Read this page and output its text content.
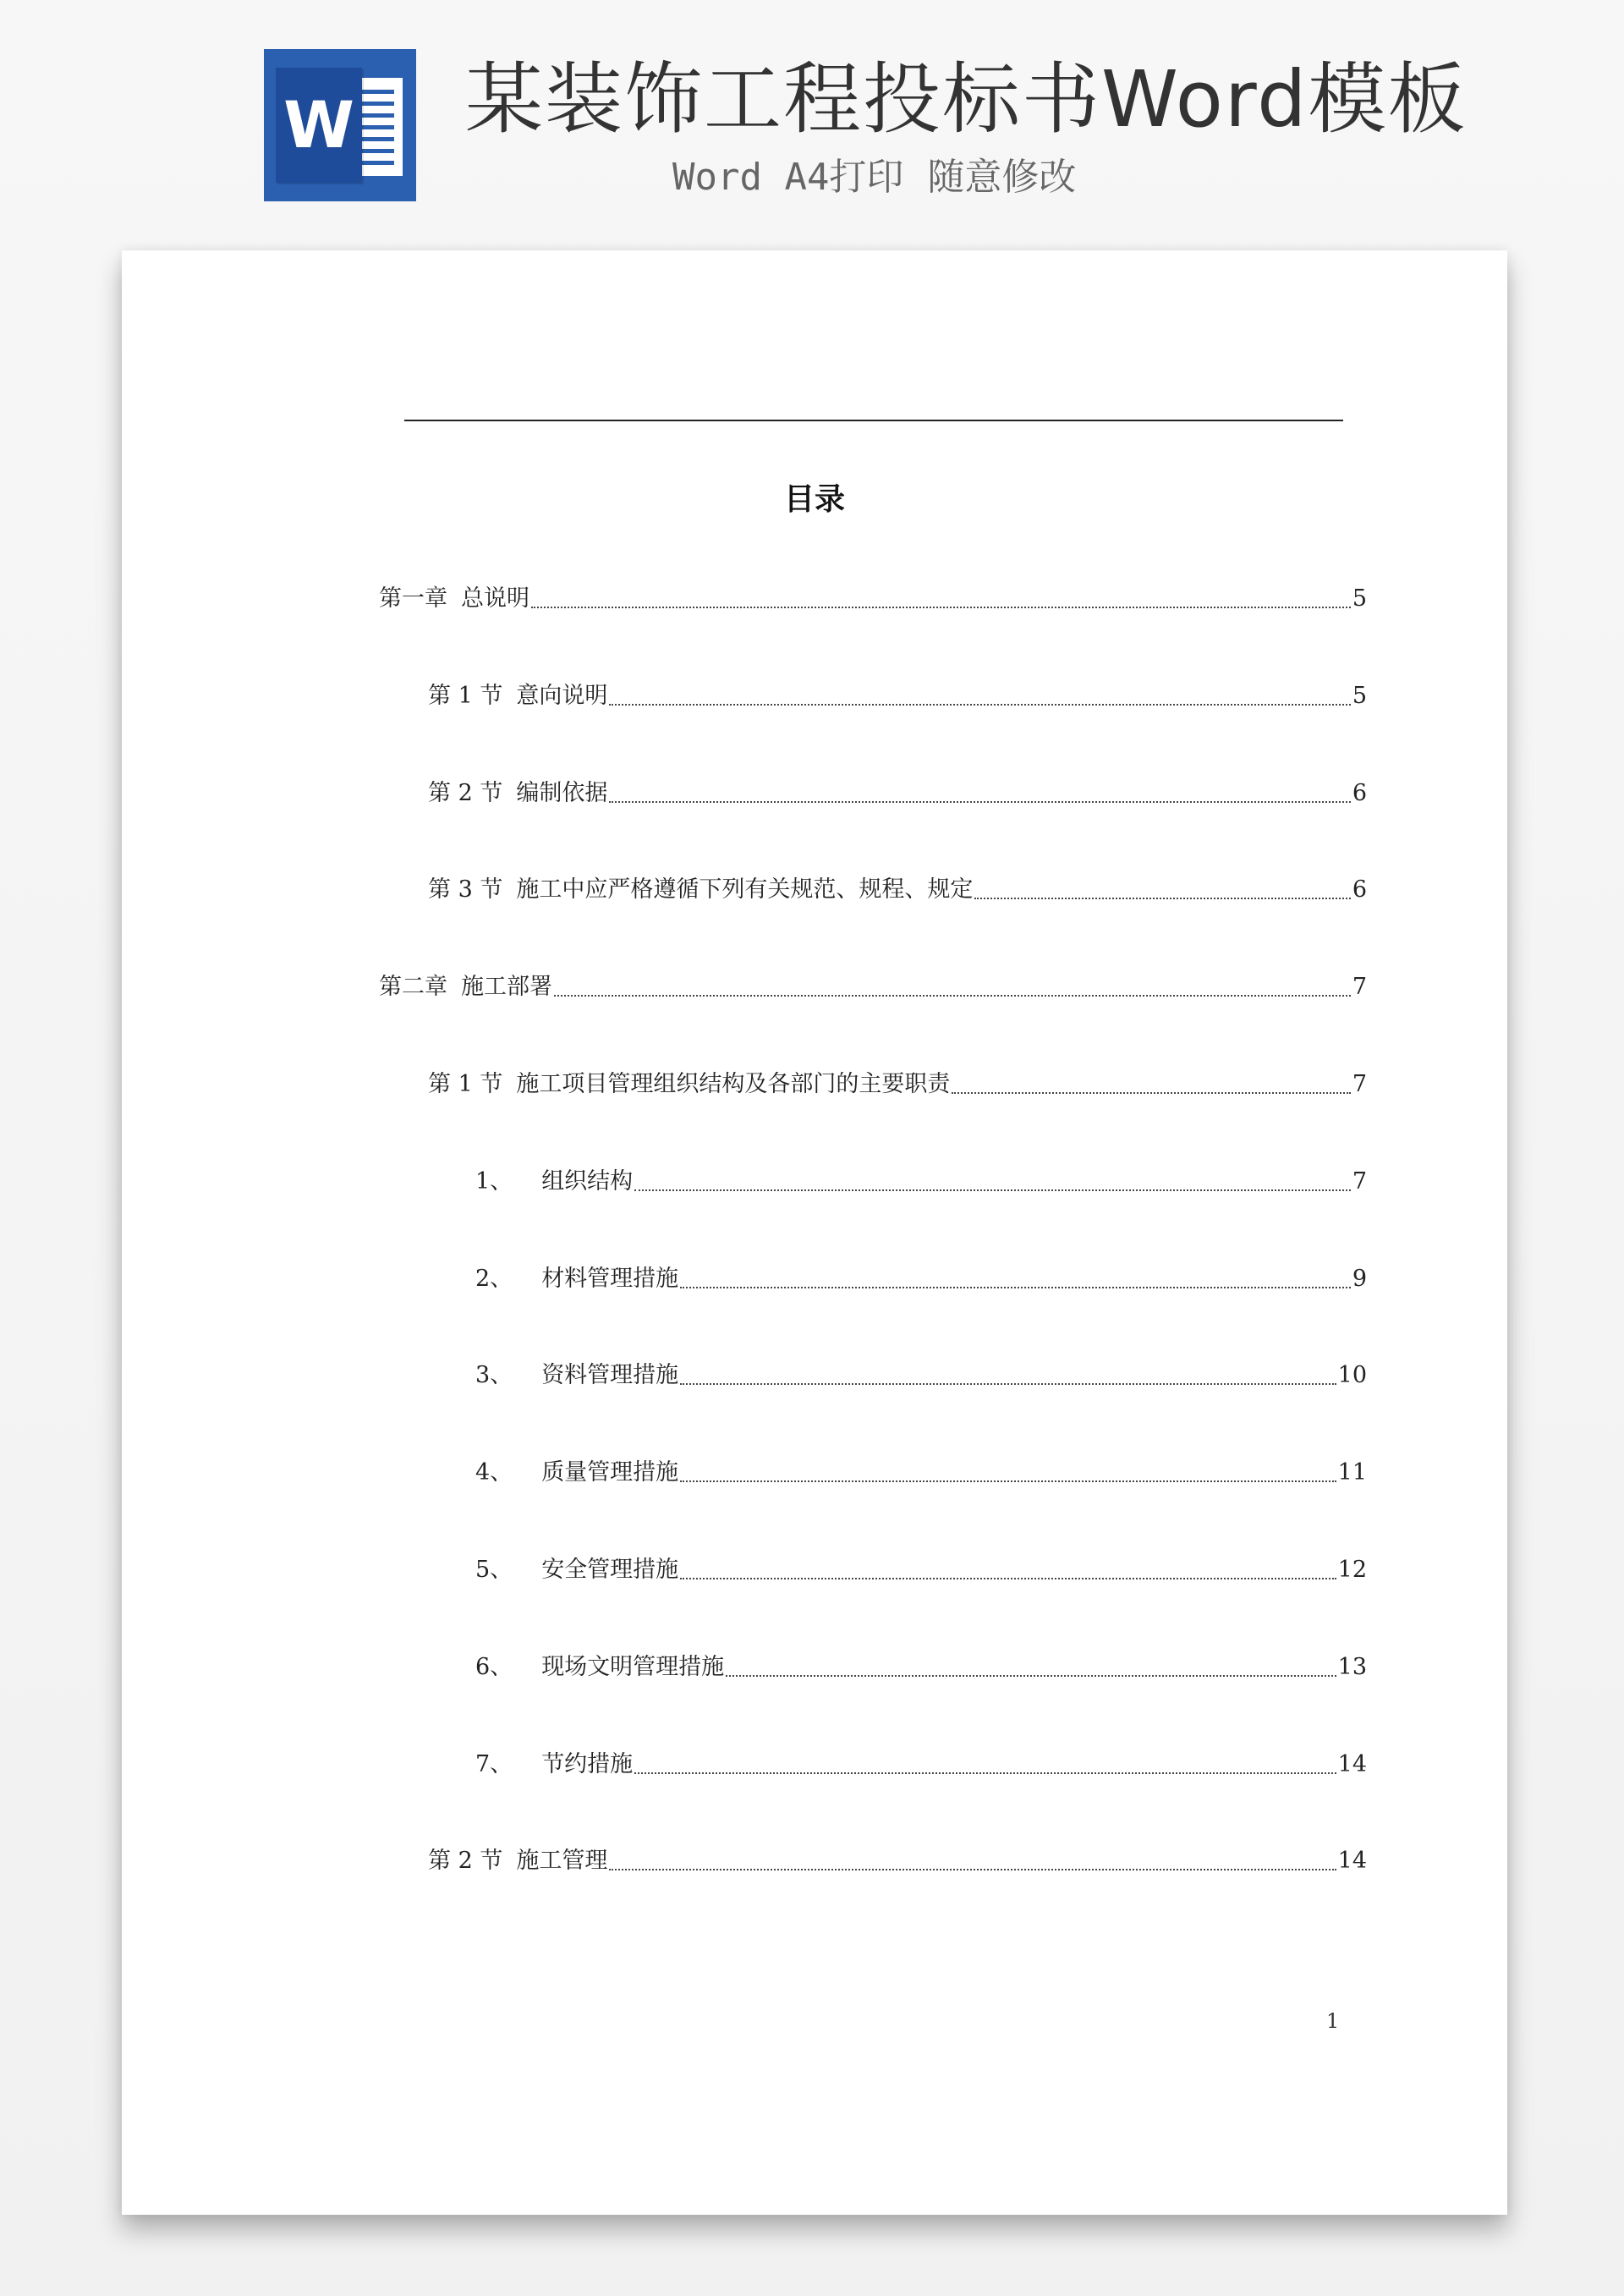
W 某装饰工程投标书Word模板
Word A4打印 随意修改
目录
第一章 总说明	5
第 1 节 意向说明	5
第 2 节 编制依据	6
第 3 节 施工中应严格遵循下列有关规范、规程、规定	6
第二章 施工部署	7
第 1 节 施工项目管理组织结构及各部门的主要职责	7
1、 组织结构	7
2、 材料管理措施	9
3、 资料管理措施	10
4、 质量管理措施	11
5、 安全管理措施	12
6、 现场文明管理措施	13
7、 节约措施	14
第 2 节 施工管理	14
1
